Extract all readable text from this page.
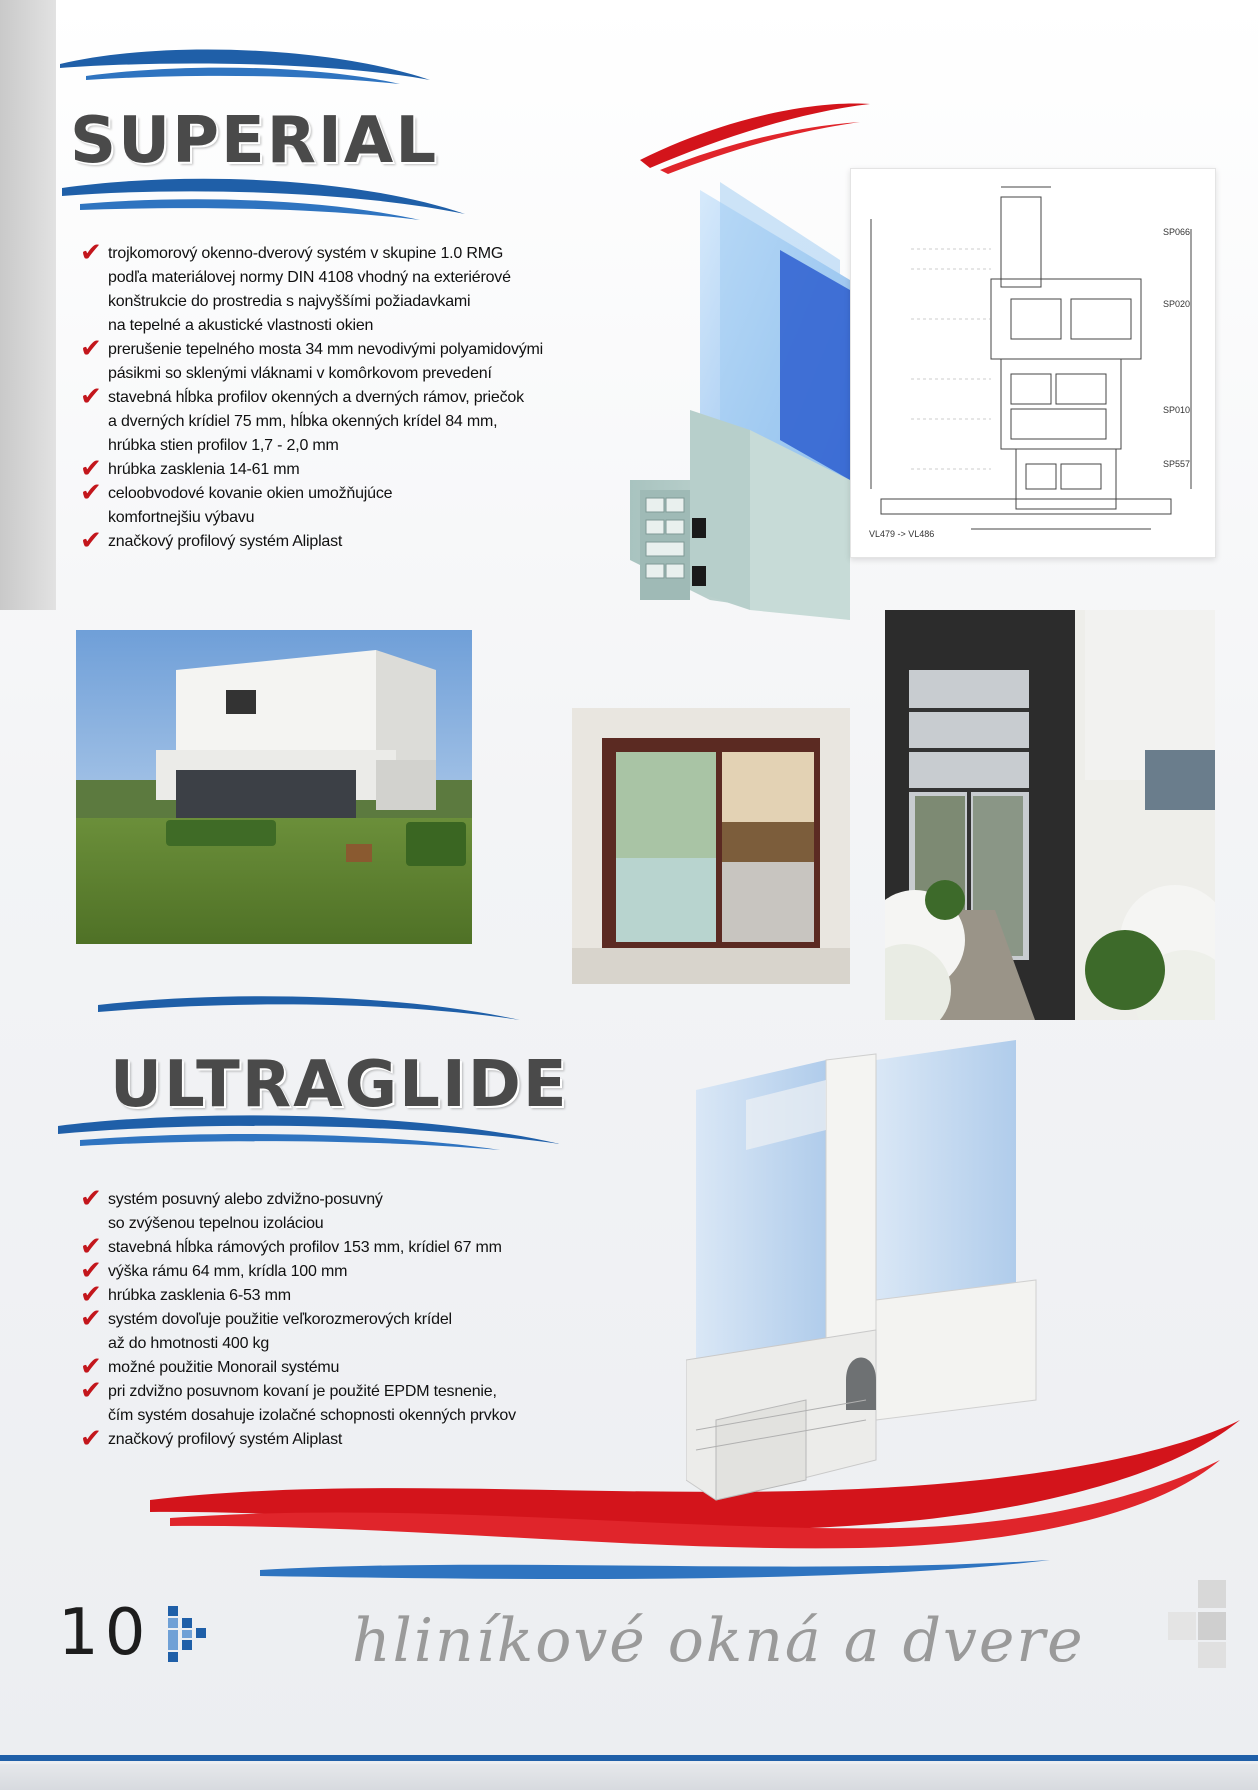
SUPERIAL
✔ trojkomorový okenno-dverový systém v skupine 1.0 RMG
podľa materiálovej normy DIN 4108 vhodný na exteriérové
konštrukcie do prostredia s najvyššími požiadavkami
na tepelné a akustické vlastnosti okien
✔ prerušenie tepelného mosta 34 mm nevodivými polyamidovými
pásikmi so sklenými vláknami v komôrkovom prevedení
✔ stavebná hĺbka profilov okenných a dverných rámov, priečok
a dverných krídiel 75 mm, hĺbka okenných krídel 84 mm,
hrúbka stien profilov 1,7 - 2,0 mm
✔ hrúbka zasklenia 14-61 mm
✔ celoobvodové kovanie okien umožňujúce
komfortnejšiu výbavu
✔ značkový profilový systém Aliplast
SP066
SP020
SP010
SP557
VL479 -> VL486
ULTRAGLIDE
✔ systém posuvný alebo zdvižno-posuvný
so zvýšenou tepelnou izoláciou
✔ stavebná hĺbka rámových profilov 153 mm, krídiel 67 mm
✔ výška rámu 64 mm, krídla 100 mm
✔ hrúbka zasklenia 6-53 mm
✔ systém dovoľuje použitie veľkorozmerových krídel
až do hmotnosti 400 kg
✔ možné použitie Monorail systému
✔ pri zdvižno posuvnom kovaní je použité EPDM tesnenie,
čím systém dosahuje izolačné schopnosti okenných prvkov
✔ značkový profilový systém Aliplast
10	hliníkové okná a dvere
